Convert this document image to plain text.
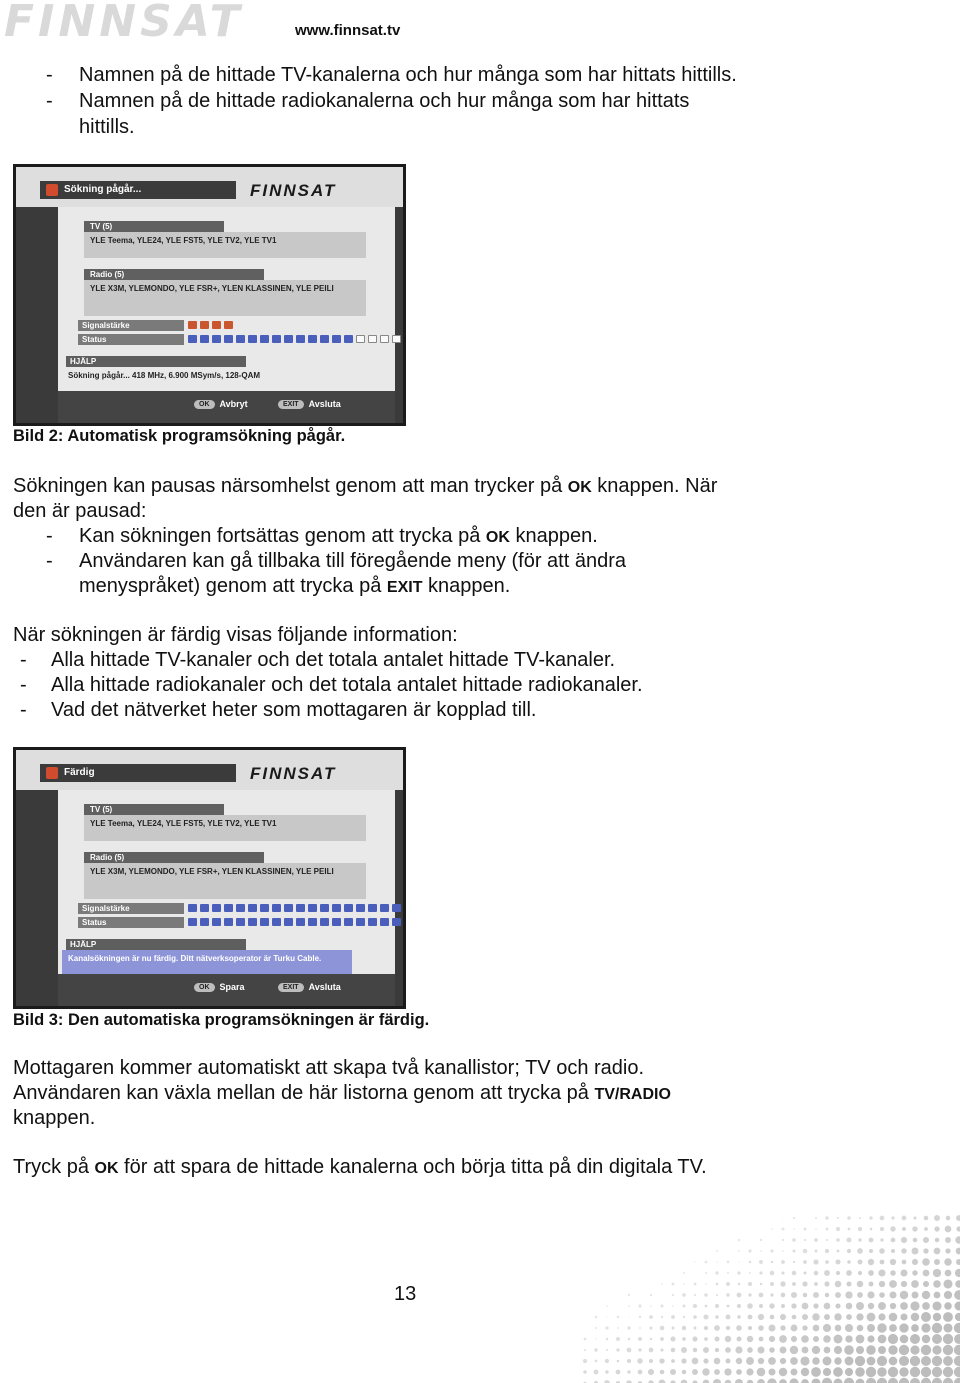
FINNSAT	www.finnsat.tv
- Namnen på de hittade TV-kanalerna och hur många som har hittats hittills.
- Namnen på de hittade radiokanalerna och hur många som har hittats
hittills.
Sökning pågår...	FINNSAT
TV (5)
YLE Teema, YLE24, YLE FST5, YLE TV2, YLE TV1
Radio (5)
YLE X3M, YLEMONDO, YLE FSR+, YLEN KLASSINEN, YLE PEILI
Signalstärke
Status
HJÄLP
Sökning pågår... 418 MHz, 6.900 MSym/s, 128-QAM
OK	Avbryt	EXIT	Avsluta
Bild 2: Automatisk programsökning pågår.
Sökningen kan pausas närsomhelst genom att man trycker på OK knappen. När
den är pausad:
- Kan sökningen fortsättas genom att trycka på OK knappen.
- Användaren kan gå tillbaka till föregående meny (för att ändra
menyspråket) genom att trycka på EXIT knappen.
När sökningen är färdig visas följande information:
- Alla hittade TV-kanaler och det totala antalet hittade TV-kanaler.
- Alla hittade radiokanaler och det totala antalet hittade radiokanaler.
- Vad det nätverket heter som mottagaren är kopplad till.
Färdig	FINNSAT
TV (5)
YLE Teema, YLE24, YLE FST5, YLE TV2, YLE TV1
Radio (5)
YLE X3M, YLEMONDO, YLE FSR+, YLEN KLASSINEN, YLE PEILI
Signalstärke
Status
HJÄLP
Kanalsökningen är nu färdig. Ditt nätverksoperator är Turku Cable.
OK	Spara	EXIT	Avsluta
Bild 3: Den automatiska programsökningen är färdig.
Mottagaren kommer automatiskt att skapa två kanallistor; TV och radio.
Användaren kan växla mellan de här listorna genom att trycka på TV/RADIO
knappen.
Tryck på OK för att spara de hittade kanalerna och börja titta på din digitala TV.
13
